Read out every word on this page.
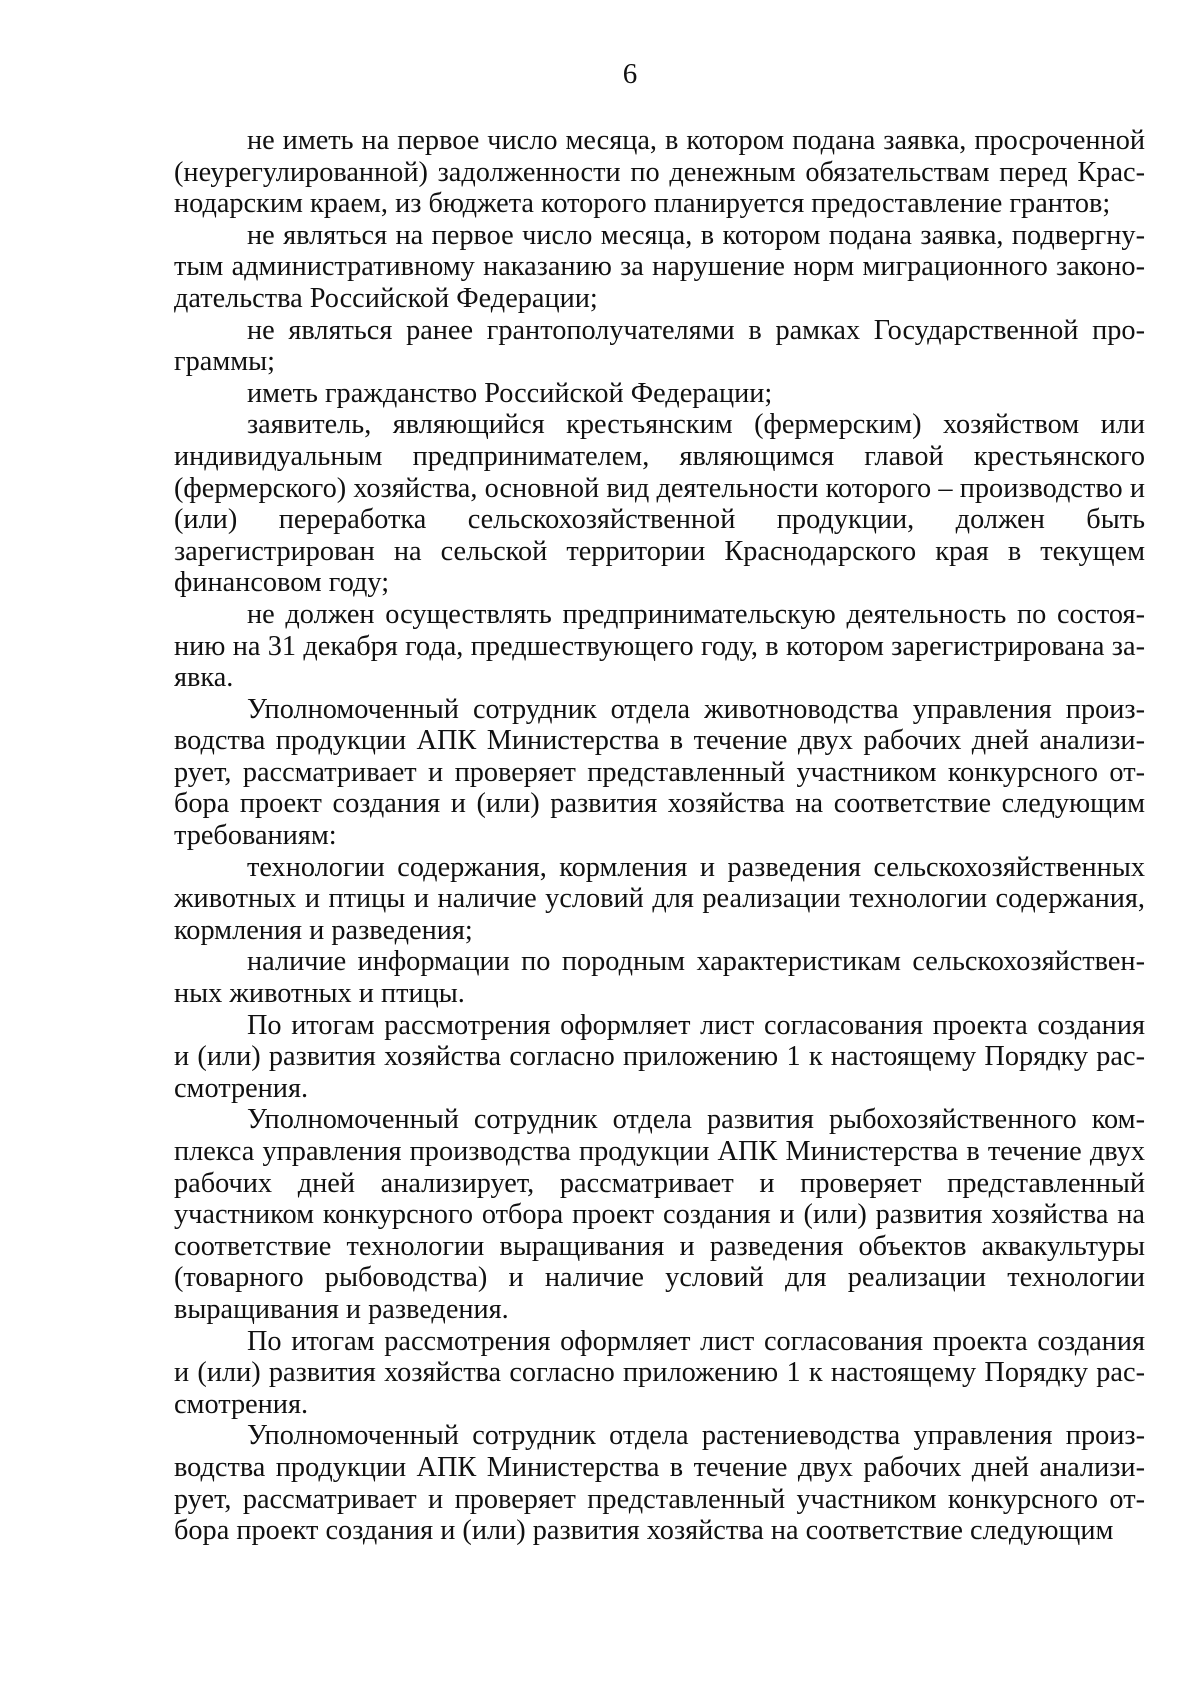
6

не иметь на первое число месяца, в котором подана заявка, просроченной (неурегулированной) задолженности по денежным обязательствам перед Краснодарским краем, из бюджета которого планируется предоставление грантов;

не являться на первое число месяца, в котором подана заявка, подвергнутым административному наказанию за нарушение норм миграционного законодательства Российской Федерации;

не являться ранее грантополучателями в рамках Государственной программы;

иметь гражданство Российской Федерации;

заявитель, являющийся крестьянским (фермерским) хозяйством или индивидуальным предпринимателем, являющимся главой крестьянского (фермерского) хозяйства, основной вид деятельности которого – производство и (или) переработка сельскохозяйственной продукции, должен быть зарегистрирован на сельской территории Краснодарского края в текущем финансовом году;

не должен осуществлять предпринимательскую деятельность по состоянию на 31 декабря года, предшествующего году, в котором зарегистрирована заявка.

Уполномоченный сотрудник отдела животноводства управления производства продукции АПК Министерства в течение двух рабочих дней анализирует, рассматривает и проверяет представленный участником конкурсного отбора проект создания и (или) развития хозяйства на соответствие следующим требованиям:

технологии содержания, кормления и разведения сельскохозяйственных животных и птицы и наличие условий для реализации технологии содержания, кормления и разведения;

наличие информации по породным характеристикам сельскохозяйственных животных и птицы.

По итогам рассмотрения оформляет лист согласования проекта создания и (или) развития хозяйства согласно приложению 1 к настоящему Порядку рассмотрения.

Уполномоченный сотрудник отдела развития рыбохозяйственного комплекса управления производства продукции АПК Министерства в течение двух рабочих дней анализирует, рассматривает и проверяет представленный участником конкурсного отбора проект создания и (или) развития хозяйства на соответствие технологии выращивания и разведения объектов аквакультуры (товарного рыбоводства) и наличие условий для реализации технологии выращивания и разведения.

По итогам рассмотрения оформляет лист согласования проекта создания и (или) развития хозяйства согласно приложению 1 к настоящему Порядку рассмотрения.

Уполномоченный сотрудник отдела растениеводства управления производства продукции АПК Министерства в течение двух рабочих дней анализирует, рассматривает и проверяет представленный участником конкурсного отбора проект создания и (или) развития хозяйства на соответствие следующим
